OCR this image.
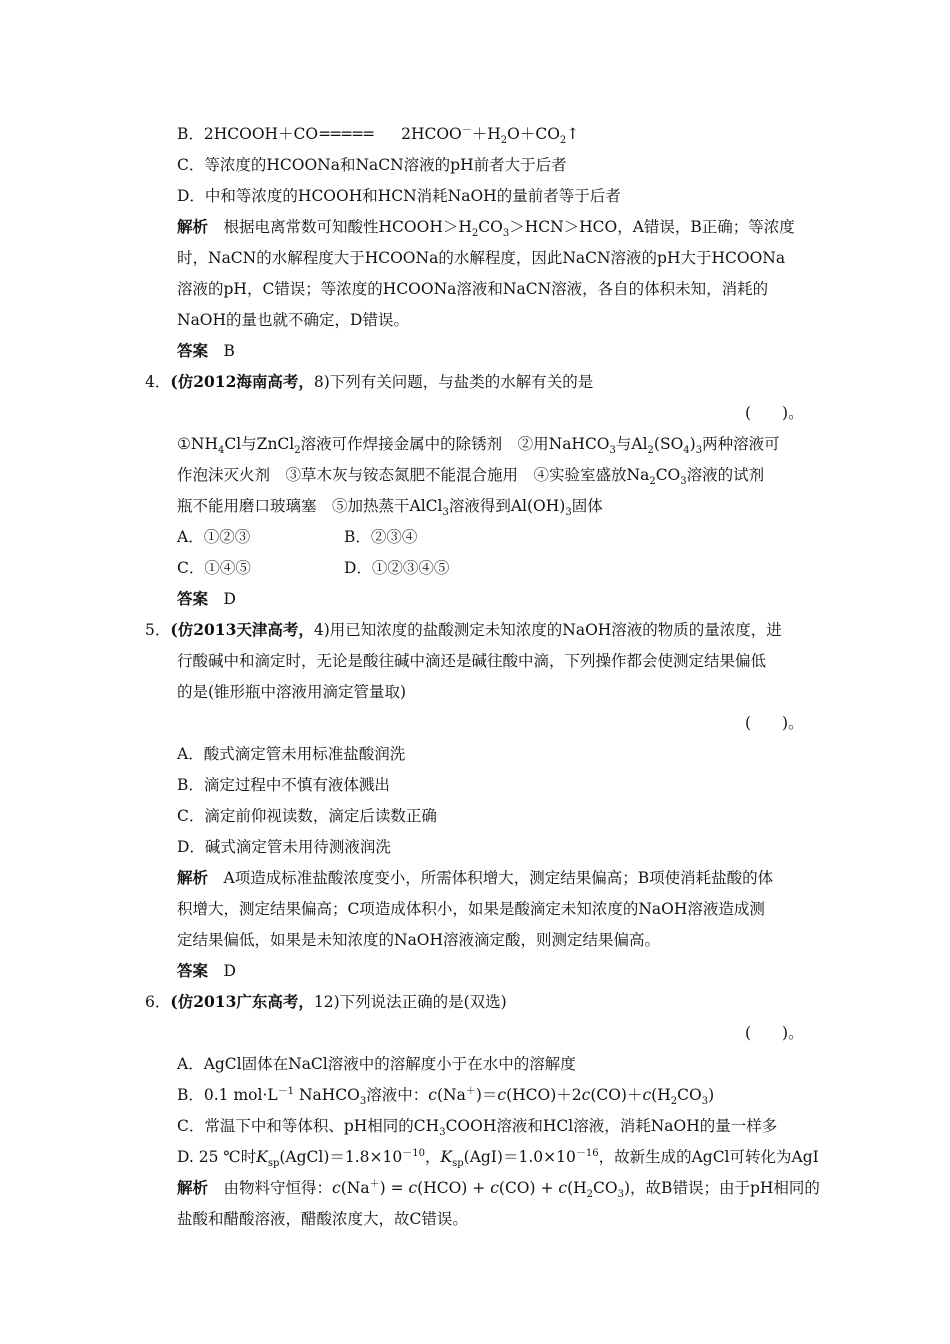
B．2HCOOH＋CO===== $2HCOO^-+H_2O+CO_2↑$
C．等浓度的HCOONa和NaCN溶液的pH前者大于后者
D．中和等浓度的HCOOH和HCN消耗NaOH的量前者等于后者
解析　 根据电离常数可知酸性$HCOOH>H_2CO_3>HCN>HCO$，A错误，B正确；等浓度
时，NaCN的水解程度大于HCOONa的水解程度，因此NaCN溶液的pH大于HCOONa
溶液的pH，C错误；等浓度的HCOONa溶液和NaCN溶液，各自的体积未知，消耗的
NaOH的量也就不确定，D错误。
答案　 B
4．(仿2012海南高考，8)下列有关问题，与盐类的水解有关的是
(　　)。
$①NH_4Cl$与ZnCl$_2$溶液可作焊接金属中的除锈剂　②用NaHCO$_3$与$Al_2(SO_4)_3$两种溶液可
作泡沫灭火剂　③草木灰与铵态氮肥不能混合施用　④实验室盛放$Na_2CO_3$溶液的试剂
瓶不能用磨口玻璃塞　⑤加热蒸干AlCl$_3$溶液得到$Al(OH)_3$固体
A．①②③	B．②③④
C．①④⑤	D．①②③④⑤
答案　 D
5．(仿2013天津高考，4)用已知浓度的盐酸测定未知浓度的NaOH溶液的物质的量浓度，进
行酸碱中和滴定时，无论是酸往碱中滴还是碱往酸中滴，下列操作都会使测定结果偏低
的是(锥形瓶中溶液用滴定管量取)
(　　)。
A．酸式滴定管未用标准盐酸润洗
B．滴定过程中不慎有液体溅出
C．滴定前仰视读数，滴定后读数正确
D．碱式滴定管未用待测液润洗
解析　 A项造成标准盐酸浓度变小，所需体积增大，测定结果偏高；B项使消耗盐酸的体
积增大，测定结果偏高；C项造成体积小，如果是酸滴定未知浓度的NaOH溶液造成测
定结果偏低，如果是未知浓度的NaOH溶液滴定酸，则测定结果偏高。
答案　 D
6．(仿2013广东高考，12)下列说法正确的是(双选)
(　　)。
A．AgCl固体在NaCl溶液中的溶解度小于在水中的溶解度
B．0.1 $mol\cdot L^{-1}$ NaHCO$_3$溶液中：$c(Na^+)=c(HCO)+2c(CO)+c(H_2CO_3)$
C．常温下中和等体积、pH相同的$CH_3COOH$溶液和HCl溶液，消耗NaOH的量一样多
D. 25 ℃时$K_{sp}(AgCl)=1.8\times 10^{-10}$，$K_{sp}(AgI)=1.0\times 10^{-16}$，故新生成的AgCl可转化为AgI
解析　 由物料守恒得：$c(Na^+) = c(HCO) + c(CO) + c(H_2CO_3)$，故B错误；由于pH相同的
盐酸和醋酸溶液，醋酸浓度大，故C错误。
